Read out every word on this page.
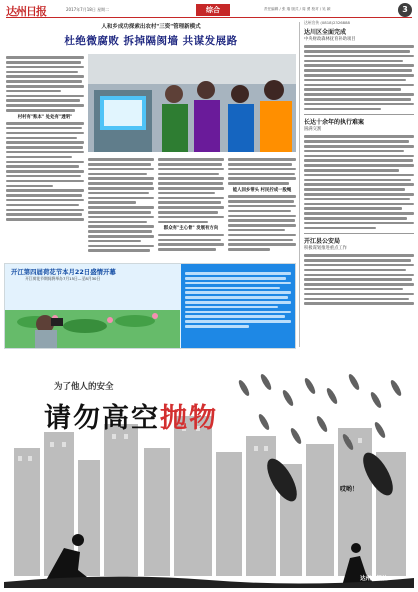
达州日报	2017年7月18日 星期二	综合	责任编辑 / 张 瑞 版式 / 周 勇 校对 / 吴 颖	3
人和乡成功探索出农村"三资"管理新模式
杜绝微腐败 拆掉隔阂墙 共谋发展路
村村有"账本" 处处有"透明"
群众有"主心骨" 发展有方向
能人回乡带头 村民拧成一股绳
达州宣传 (0818)2326888
达川区全面完成
中央财政森林抚育补助项目
长达十余年的执行难案
圆满交割
开江县公安局
积极谋划推进重点工作
开江第四届荷花节本月22日盛情开幕
开江荷花节期间将举办7月15日—至8月30日
为了他人的安全
请勿高空抛物
哎哟！
达州日报社
